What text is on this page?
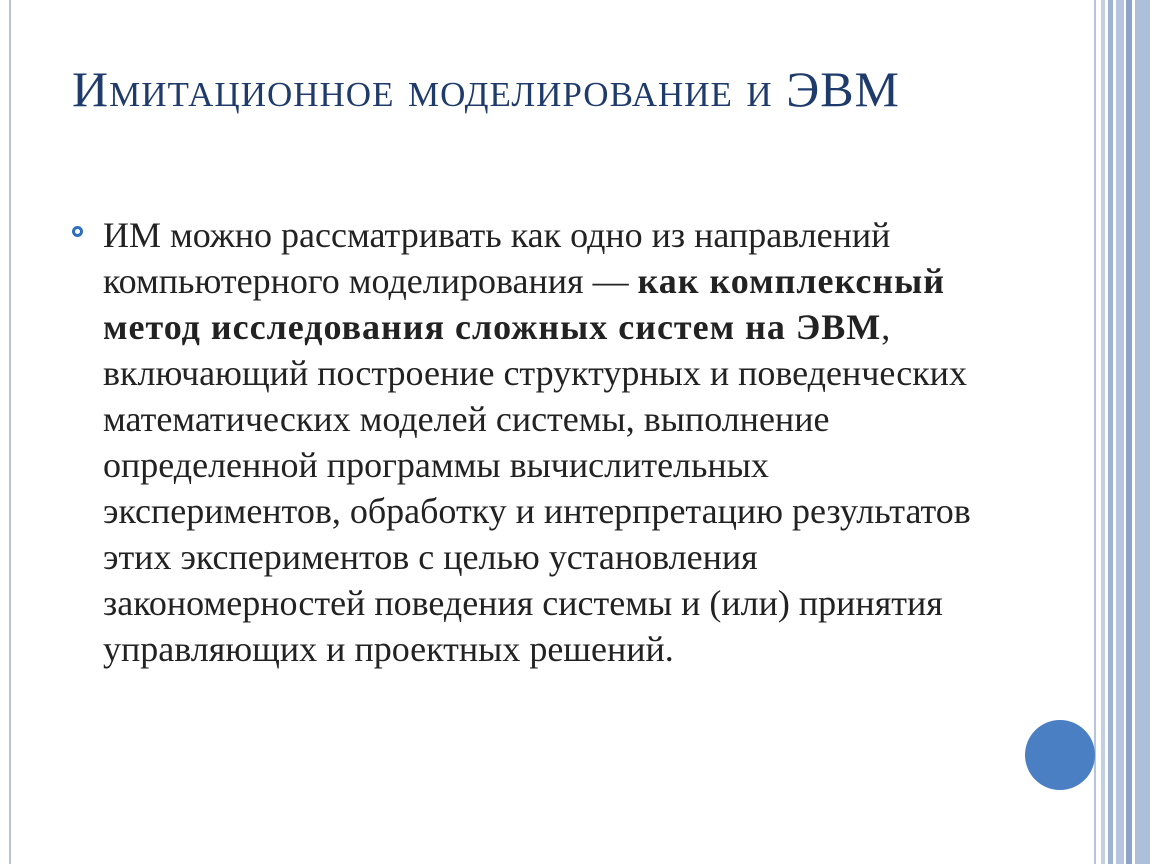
Имитационное моделирование и ЭВМ
ИМ можно рассматривать как одно из направлений компьютерного моделирования — как комплексный метод исследования сложных систем на ЭВМ, включающий построение структурных и поведенческих математических моделей системы, выполнение определенной программы вычислительных экспериментов, обработку и интерпретацию результатов этих экспериментов с целью установления закономерностей поведения системы и (или) принятия управляющих и проектных решений.
